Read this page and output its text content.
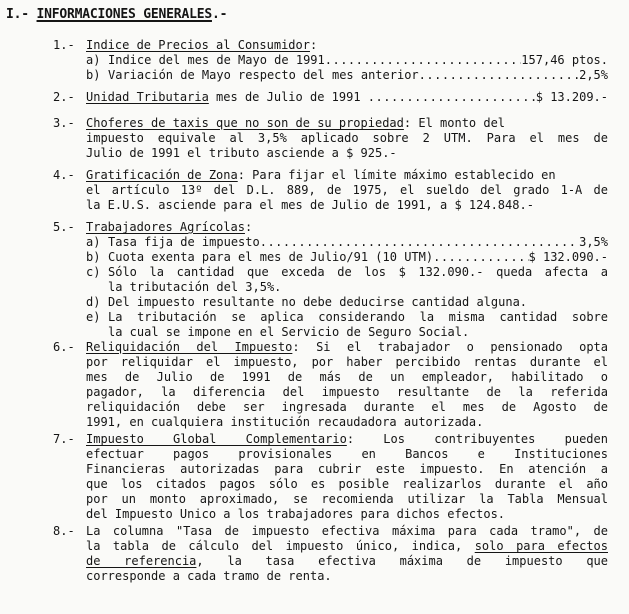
I.- INFORMACIONES GENERALES.-
1.- Indice de Precios al Consumidor:
a) Indice del mes de Mayo de 1991 .....	157,46 ptos.
b) Variación de Mayo respecto del mes anterior .....	2,5%
2.- Unidad Tributaria mes de Julio de 1991 .....	$ 13.209.-
3.- Choferes de taxis que no son de su propiedad: El monto del
impuesto equivale al 3,5% aplicado sobre 2 UTM. Para el mes de
Julio de 1991 el tributo asciende a $ 925.-
4.- Gratificación de Zona: Para fijar el límite máximo establecido en
el artículo 13º del D.L. 889, de 1975, el sueldo del grado 1-A de
la E.U.S. asciende para el mes de Julio de 1991, a $ 124.848.-
5.- Trabajadores Agrícolas:
a) Tasa fija de impuesto .....	3,5%
b) Cuota exenta para el mes de Julio/91 (10 UTM) .....	$ 132.090.-
c) Sólo la cantidad que exceda de los $ 132.090.- queda afecta a
la tributación del 3,5%.
d) Del impuesto resultante no debe deducirse cantidad alguna.
e) La tributación se aplica considerando la misma cantidad sobre
la cual se impone en el Servicio de Seguro Social.
6.- Reliquidación del Impuesto: Si el trabajador o pensionado opta
por reliquidar el impuesto, por haber percibido rentas durante el
mes de Julio de 1991 de más de un empleador, habilitado o
pagador, la diferencia del impuesto resultante de la referida
reliquidación debe ser ingresada durante el mes de Agosto de
1991, en cualquiera institución recaudadora autorizada.
7.- Impuesto Global Complementario: Los contribuyentes pueden
efectuar pagos provisionales en Bancos e Instituciones
Financieras autorizadas para cubrir este impuesto. En atención a
que los citados pagos sólo es posible realizarlos durante el año
por un monto aproximado, se recomienda utilizar la Tabla Mensual
del Impuesto Unico a los trabajadores para dichos efectos.
8.- La columna "Tasa de impuesto efectiva máxima para cada tramo", de
la tabla de cálculo del impuesto único, indica, solo para efectos
de referencia, la tasa efectiva máxima de impuesto que
corresponde a cada tramo de renta.
